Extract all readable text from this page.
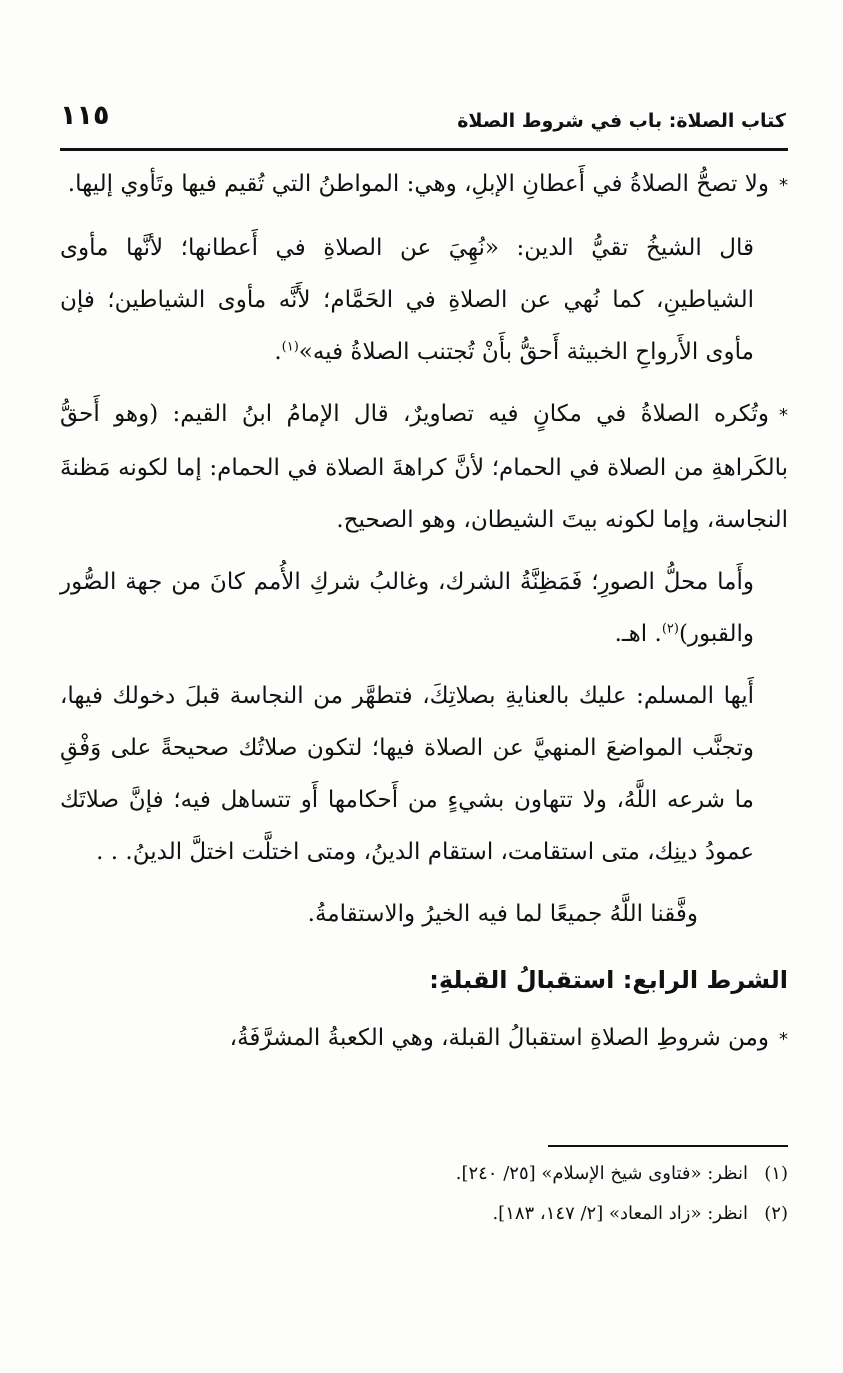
كتاب الصلاة: باب في شروط الصلاة
١١٥

*ولا تصحُّ الصلاةُ في أَعطانِ الإبلِ، وهي: المواطنُ التي تُقيم فيها وتَأوي إليها.

قال الشيخُ تقيُّ الدين: «نُهِيَ عن الصلاةِ في أَعطانها؛ لأنَّها مأوى الشياطينِ، كما نُهي عن الصلاةِ في الحَمَّام؛ لأَنَّه مأوى الشياطين؛ فإن مأوى الأَرواحِ الخبيثة أَحقُّ بأَنْ تُجتنب الصلاةُ فيه»$^{(١)}$.

*وتُكره الصلاةُ في مكانٍ فيه تصاويرٌ، قال الإمامُ ابنُ القيم: (وهو أَحقُّ بالكَراهةِ من الصلاة في الحمام؛ لأنَّ كراهةَ الصلاة في الحمام: إما لكونه مَظنةَ النجاسة، وإما لكونه بيتَ الشيطان، وهو الصحيح.

وأَما محلُّ الصورِ؛ فَمَظِنَّةُ الشرك، وغالبُ شركِ الأُمم كانَ من جهة الصُّور والقبور)$^{(٢)}$. اهـ.

أَيها المسلم: عليك بالعنايةِ بصلاتِكَ، فتطهَّر من النجاسة قبلَ دخولك فيها، وتجنَّب المواضعَ المنهيَّ عن الصلاة فيها؛ لتكون صلاتُك صحيحةً على وَفْقِ ما شرعه اللَّهُ، ولا تتهاون بشيءٍ من أَحكامها أَو تتساهل فيه؛ فإنَّ صلاتَك عمودُ دينِك، متى استقامت، استقام الدينُ، ومتى اختلَّت اختلَّ الدينُ. . .

وفَّقنا اللَّهُ جميعًا لما فيه الخيرُ والاستقامةُ.

الشرط الرابع: استقبالُ القبلةِ:

*ومن شروطِ الصلاةِ استقبالُ القبلة، وهي الكعبةُ المشرَّفَةُ،

(١)
انظر: «فتاوى شيخ الإسلام» [٢٥/ ٢٤٠].
(٢)
انظر: «زاد المعاد» [٢/ ١٤٧، ١٨٣].
